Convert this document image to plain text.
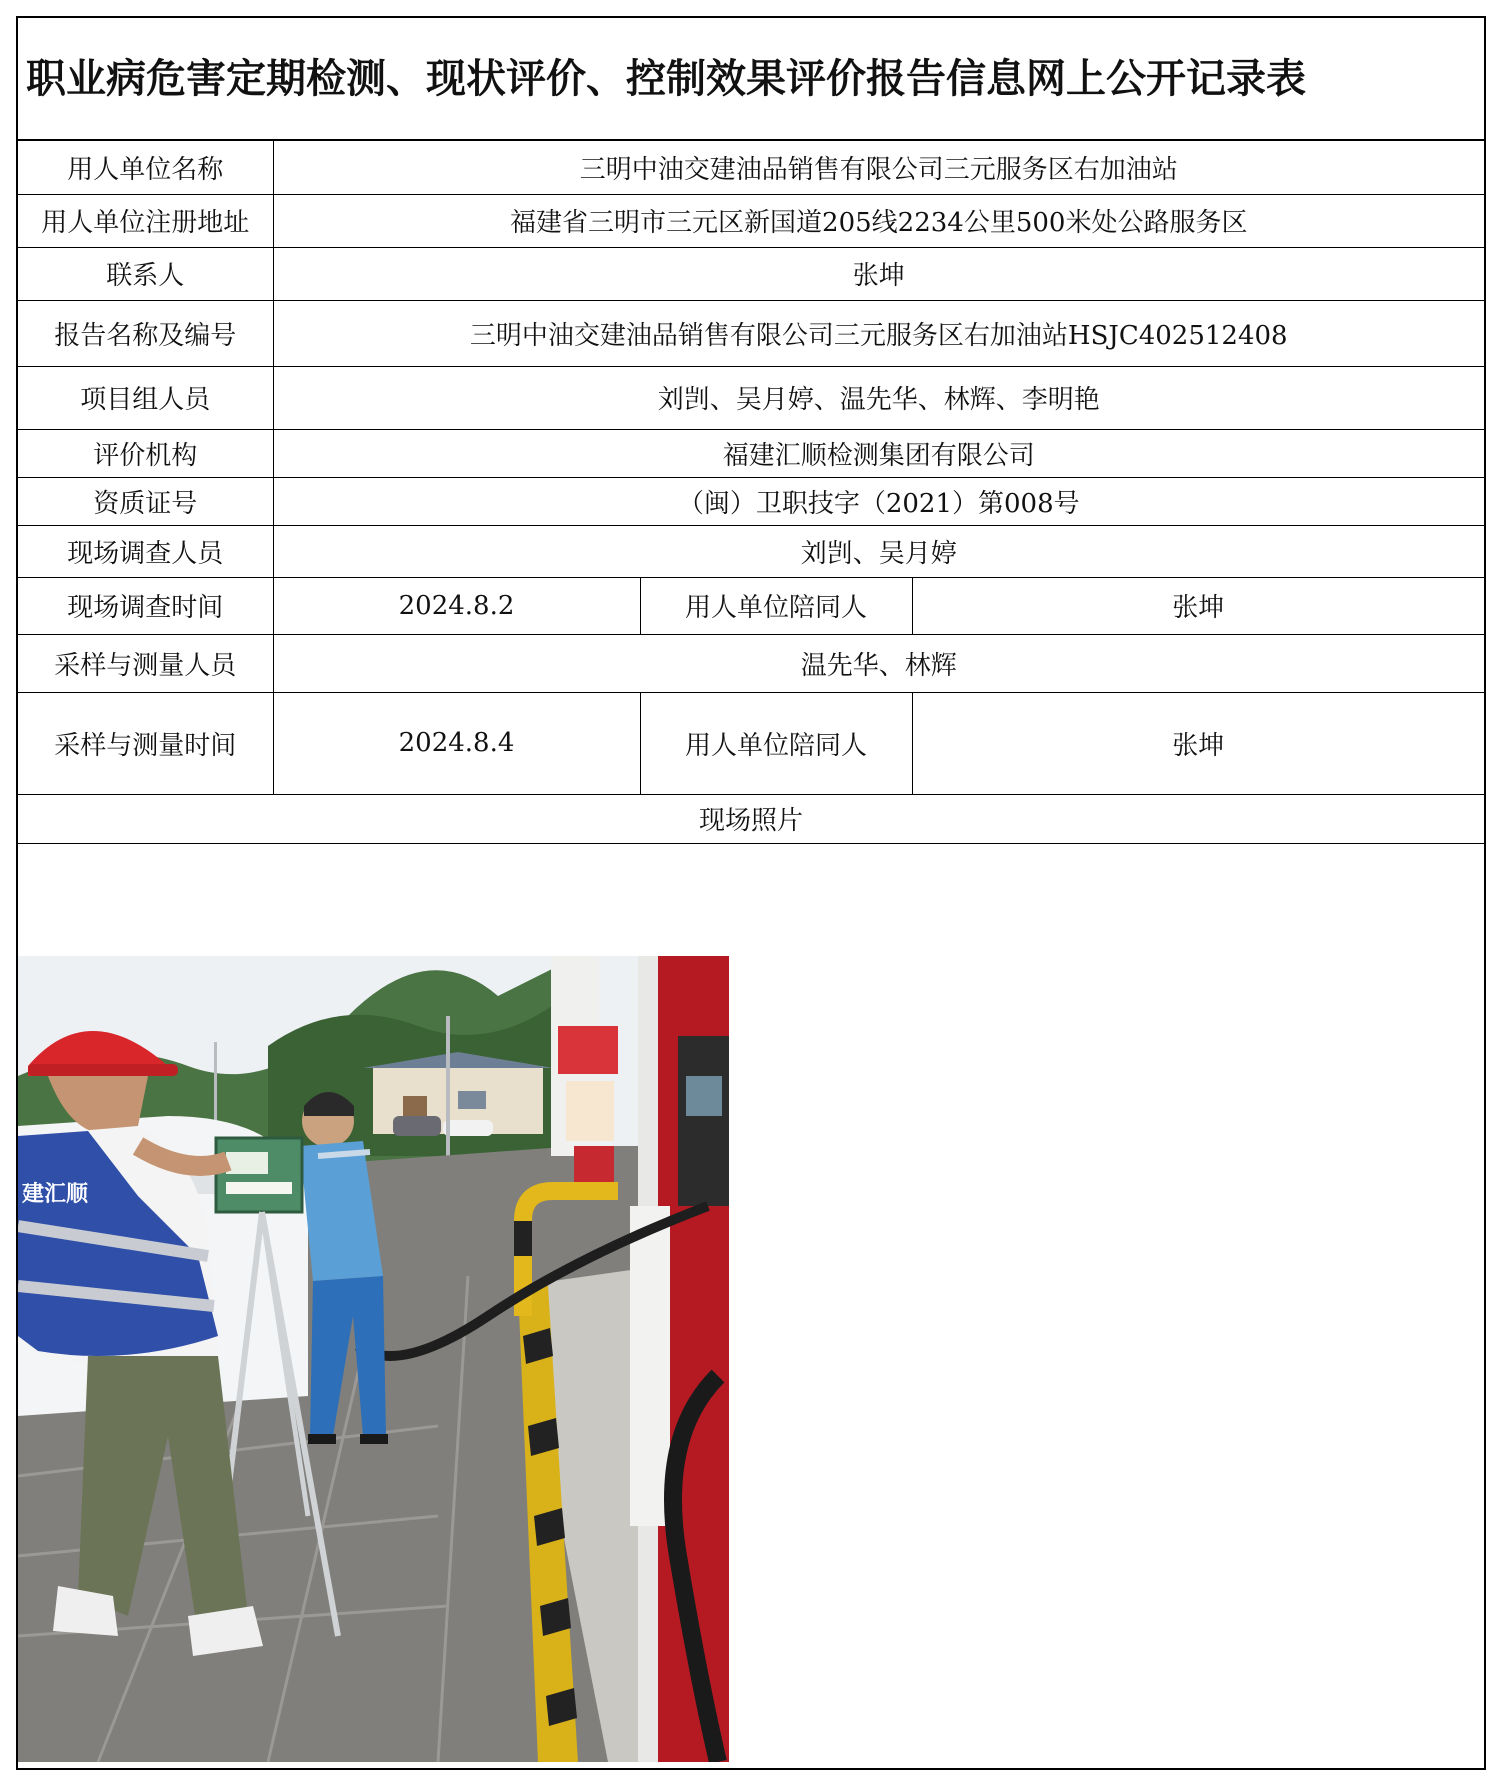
职业病危害定期检测、现状评价、控制效果评价报告信息网上公开记录表
用人单位名称	三明中油交建油品销售有限公司三元服务区右加油站		
用人单位注册地址	福建省三明市三元区新国道205线2234公里500米处公路服务区		
联系人	张坤		
报告名称及编号	三明中油交建油品销售有限公司三元服务区右加油站HSJC402512408		
项目组人员	刘剀、吴月婷、温先华、林辉、李明艳		
评价机构	福建汇顺检测集团有限公司		
资质证号	（闽）卫职技字（2021）第008号		
现场调查人员	刘剀、吴月婷		
现场调查时间	2024.8.2	用人单位陪同人	张坤
采样与测量人员	温先华、林辉		
采样与测量时间	2024.8.4	用人单位陪同人	张坤
现场照片			
建汇顺
